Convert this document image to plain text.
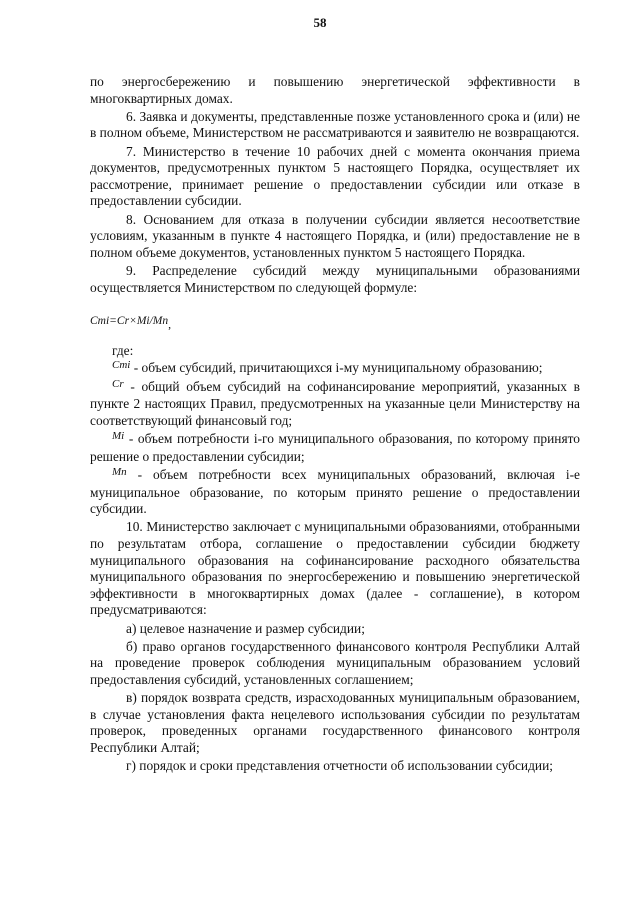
58

по энергосбережению и повышению энергетической эффективности в многоквартирных домах.

6. Заявка и документы, представленные позже установленного срока и (или) не в полном объеме, Министерством не рассматриваются и заявителю не возвращаются.

7. Министерство в течение 10 рабочих дней с момента окончания приема документов, предусмотренных пунктом 5 настоящего Порядка, осуществляет их рассмотрение, принимает решение о предоставлении субсидии или отказе в предоставлении субсидии.

8. Основанием для отказа в получении субсидии является несоответствие условиям, указанным в пункте 4 настоящего Порядка, и (или) предоставление не в полном объеме документов, установленных пунктом 5 настоящего Порядка.

9. Распределение субсидий между муниципальными образованиями осуществляется Министерством по следующей формуле:

Cmi=Cr×Mi/Mn,
где:

$^{Cmi}$ - объем субсидий, причитающихся i-му муниципальному образованию;

$^{Cr}$ - общий объем субсидий на софинансирование мероприятий, указанных в пункте 2 настоящих Правил, предусмотренных на указанные цели Министерству на соответствующий финансовый год;

$^{Mi}$ - объем потребности i-го муниципального образования, по которому принято решение о предоставлении субсидии;

$^{Mn}$ - объем потребности всех муниципальных образований, включая i-е муниципальное образование, по которым принято решение о предоставлении субсидии.

10. Министерство заключает с муниципальными образованиями, отобранными по результатам отбора, соглашение о предоставлении субсидии бюджету муниципального образования на софинансирование расходного обязательства муниципального образования по энергосбережению и повышению энергетической эффективности в многоквартирных домах (далее - соглашение), в котором предусматриваются:

а) целевое назначение и размер субсидии;

б) право органов государственного финансового контроля Республики Алтай на проведение проверок соблюдения муниципальным образованием условий предоставления субсидий, установленных соглашением;

в) порядок возврата средств, израсходованных муниципальным образованием, в случае установления факта нецелевого использования субсидии по результатам проверок, проведенных органами государственного финансового контроля Республики Алтай;

г) порядок и сроки представления отчетности об использовании субсидии;
